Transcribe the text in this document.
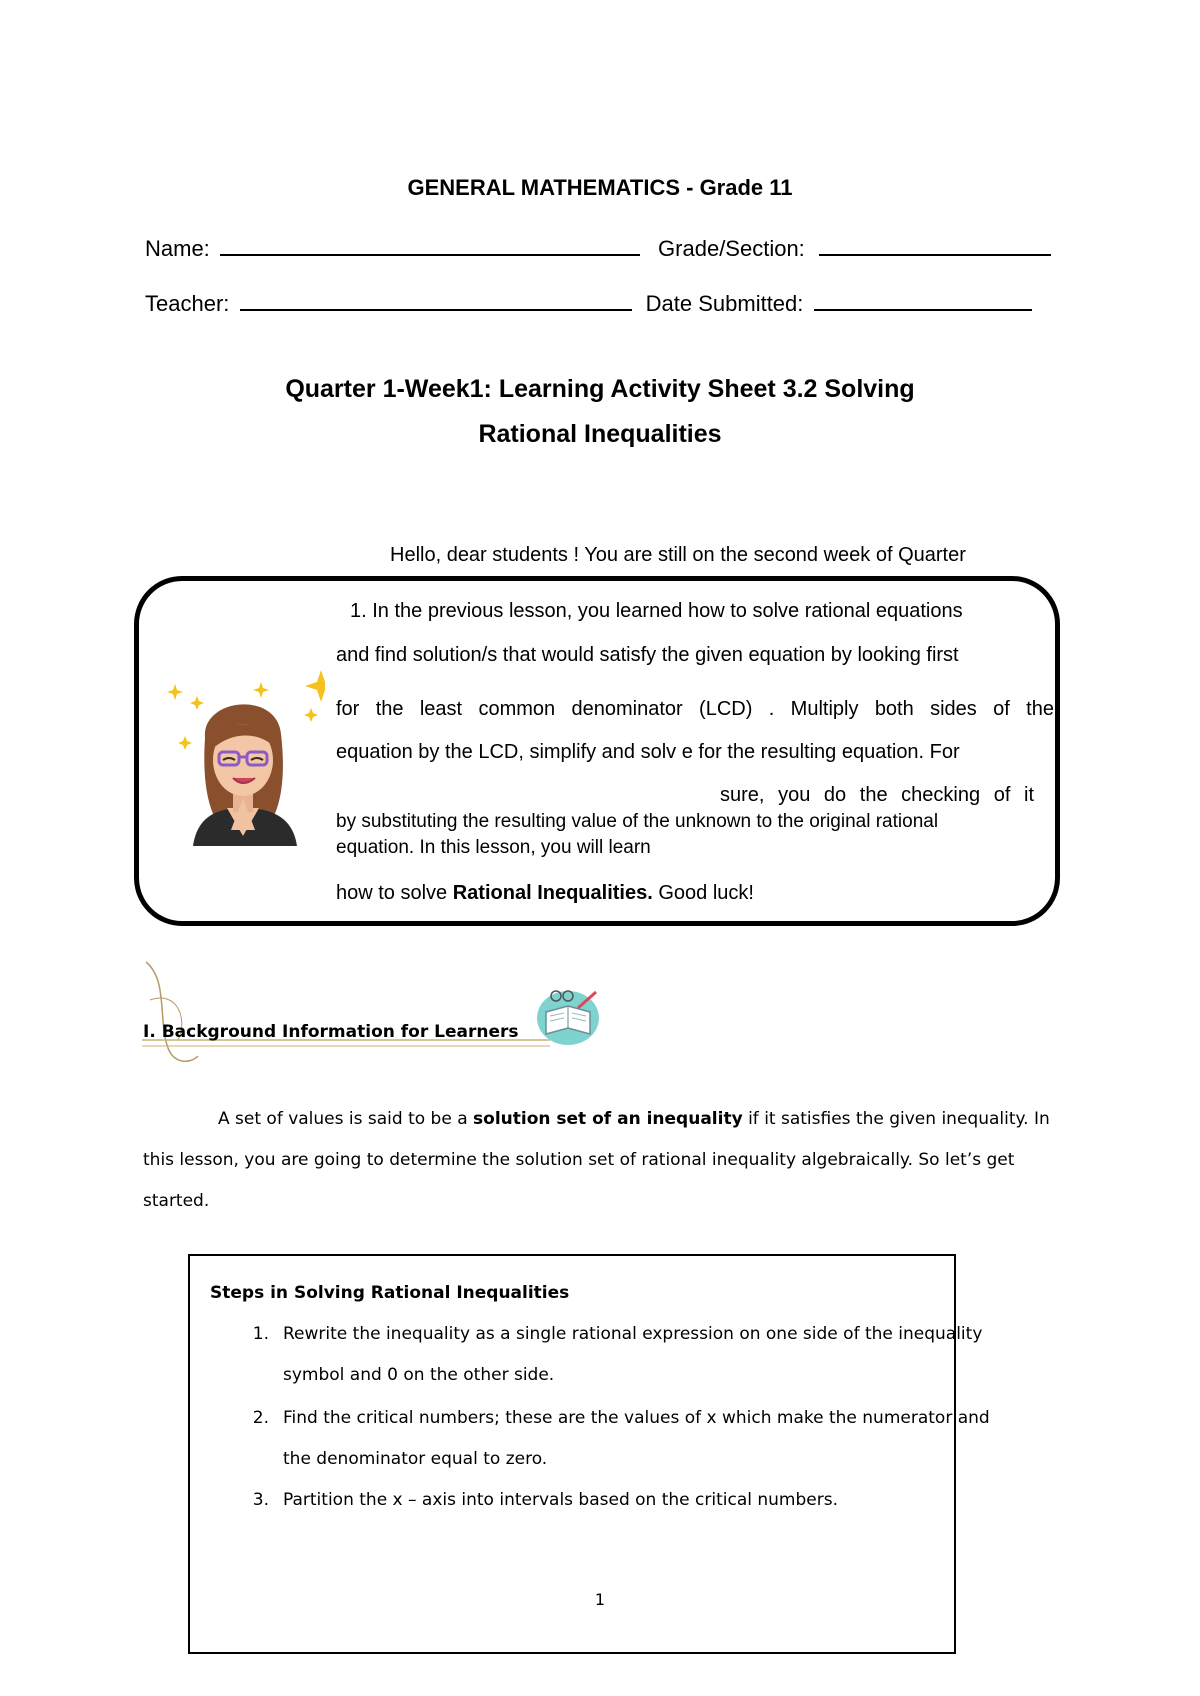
GENERAL MATHEMATICS - Grade 11
Name:	Grade/Section:
Teacher:	Date Submitted:
Quarter 1-Week1: Learning Activity Sheet 3.2 Solving
Rational Inequalities
Hello, dear students ! You are still on the second week of Quarter
1. In the previous lesson, you learned how to solve rational equations
and find solution/s that would satisfy the given equation by looking first
for the least common denominator (LCD) . Multiply both sides of the
equation by the LCD, simplify and solv e for the resulting equation. For
sure, you do the checking of it
by substituting the resulting value of the unknown to the original rational
equation. In this lesson, you will learn
how to solve Rational Inequalities. Good luck!
I. Background Information for Learners
A set of values is said to be a solution set of an inequality if it satisfies the given inequality. In this lesson, you are going to determine the solution set of rational inequality algebraically. So let’s get started.
Steps in Solving Rational Inequalities
1. Rewrite the inequality as a single rational expression on one side of the inequality
symbol and 0 on the other side.
2. Find the critical numbers; these are the values of x which make the numerator and
the denominator equal to zero.
3. Partition the x – axis into intervals based on the critical numbers.
1
